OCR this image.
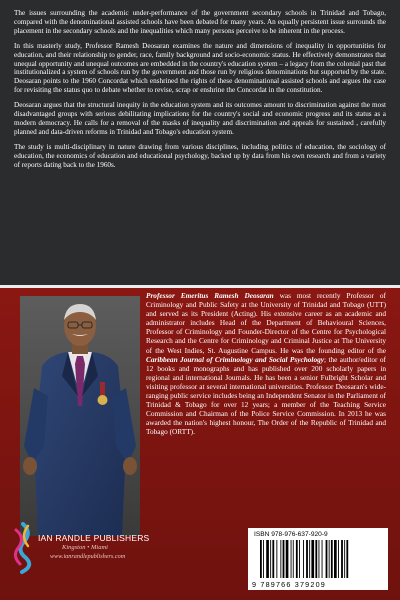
The issues surrounding the academic under-performance of the government secondary schools in Trinidad and Tobago, compared with the denominational assisted schools have been debated for many years. An equally persistent issue surrounds the placement in the secondary schools and the inequalities which many persons perceive to be inherent in the process.

In this masterly study, Professor Ramesh Deosaran examines the nature and dimensions of inequality in opportunities for education, and their relationship to gender, race, family background and socio-economic status. He effectively demonstrates that unequal opportunity and unequal outcomes are embedded in the country's education system – a legacy from the colonial past that institutionalized a system of schools run by the government and those run by religious denominations but supported by the state. Deosaran points to the 1960 Concordat which enshrined the rights of these denominational assisted schools and argues the case for revisiting the status quo to debate whether to revise, scrap or enshrine the Concordat in the constitution.

Deosaran argues that the structural inequity in the education system and its outcomes amount to discrimination against the most disadvantaged groups with serious debilitating implications for the country's social and economic progress and its status as a modern democracy. He calls for a removal of the masks of inequality and discrimination and appeals for sustained , carefully planned and data-driven reforms in Trinidad and Tobago's education system.

The study is multi-disciplinary in nature drawing from various disciplines, including politics of education, the sociology of education, the economics of education and educational psychology, backed up by data from his own research and from a variety of reports dating back to the 1960s.

Professor Emeritus Ramesh Deosaran was most recently Professor of Criminology and Public Safety at the University of Trinidad and Tobago (UTT) and served as its President (Acting). His extensive career as an academic and administrator includes Head of the Department of Behavioural Sciences, Professor of Criminology and Founder-Director of the Centre for Psychological Research and the Centre for Criminology and Criminal Justice at The University of the West Indies, St. Augustine Campus. He was the founding editor of the Caribbean Journal of Criminology and Social Psychology; the author/editor of 12 books and monographs and has published over 200 scholarly papers in regional and international Journals. He has been a senior Fulbright Scholar and visiting professor at several international universities. Professor Deosaran's wide-ranging public service includes being an Independent Senator in the Parliament of Trinidad & Tobago for over 12 years; a member of the Teaching Service Commission and Chairman of the Police Service Commission. In 2013 he was awarded the nation's highest honour, The Order of the Republic of Trinidad and Tobago (ORTT).
IAN RANDLE PUBLISHERS
Kingston • Miami
www.ianrandlepublishers.com
ISBN 978-976-637-920-9
9 789766 379209
